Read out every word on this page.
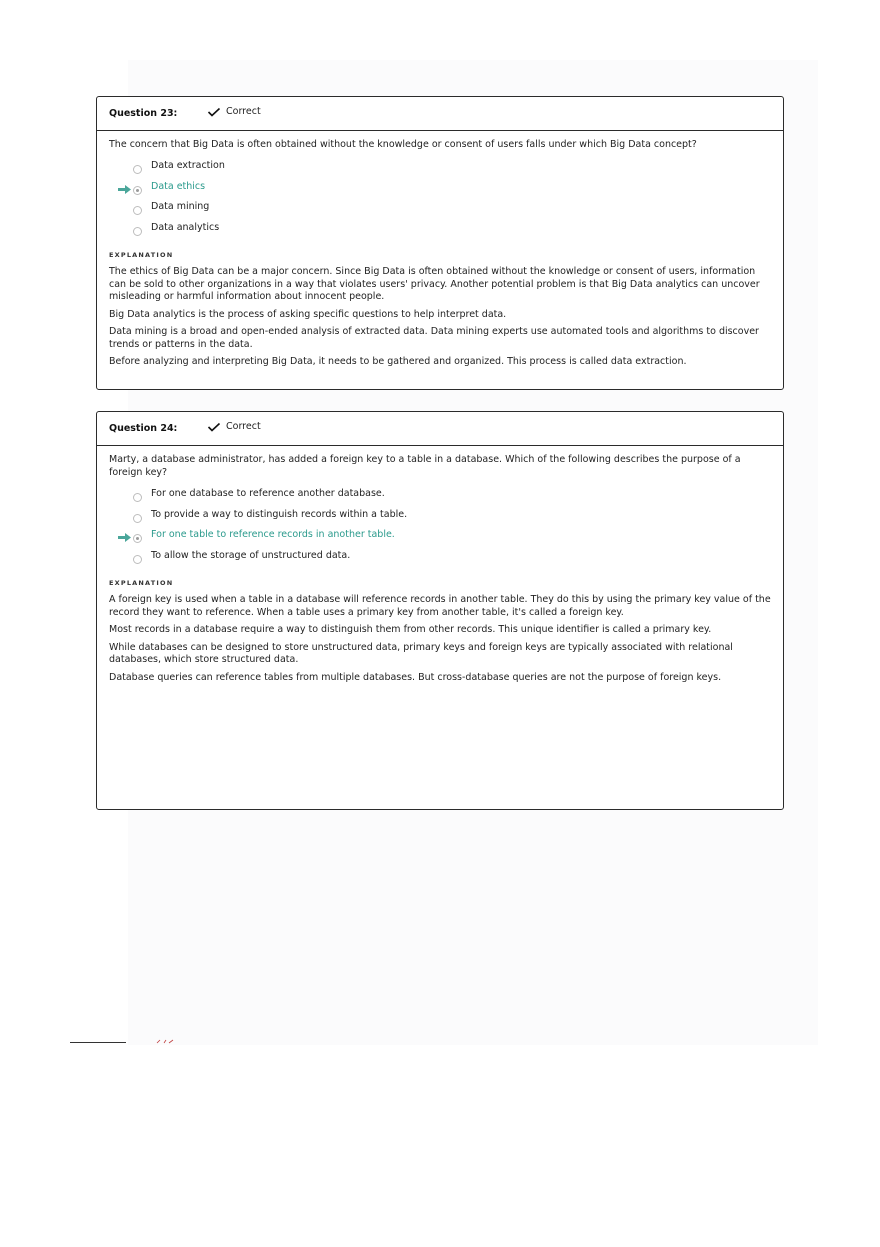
Question 23:	Correct

The concern that Big Data is often obtained without the knowledge or consent of users falls under which Big Data concept?

Data extraction
Data ethics
Data mining
Data analytics
EXPLANATION

The ethics of Big Data can be a major concern. Since Big Data is often obtained without the knowledge or consent of users, information can be sold to other organizations in a way that violates users' privacy. Another potential problem is that Big Data analytics can uncover misleading or harmful information about innocent people.

Big Data analytics is the process of asking specific questions to help interpret data.

Data mining is a broad and open-ended analysis of extracted data. Data mining experts use automated tools and algorithms to discover trends or patterns in the data.

Before analyzing and interpreting Big Data, it needs to be gathered and organized. This process is called data extraction.

Question 24:	Correct

Marty, a database administrator, has added a foreign key to a table in a database. Which of the following describes the purpose of a foreign key?

For one database to reference another database.
To provide a way to distinguish records within a table.
For one table to reference records in another table.
To allow the storage of unstructured data.
EXPLANATION

A foreign key is used when a table in a database will reference records in another table. They do this by using the primary key value of the record they want to reference. When a table uses a primary key from another table, it's called a foreign key.

Most records in a database require a way to distinguish them from other records. This unique identifier is called a primary key.

While databases can be designed to store unstructured data, primary keys and foreign keys are typically associated with relational databases, which store structured data.

Database queries can reference tables from multiple databases. But cross-database queries are not the purpose of foreign keys.
